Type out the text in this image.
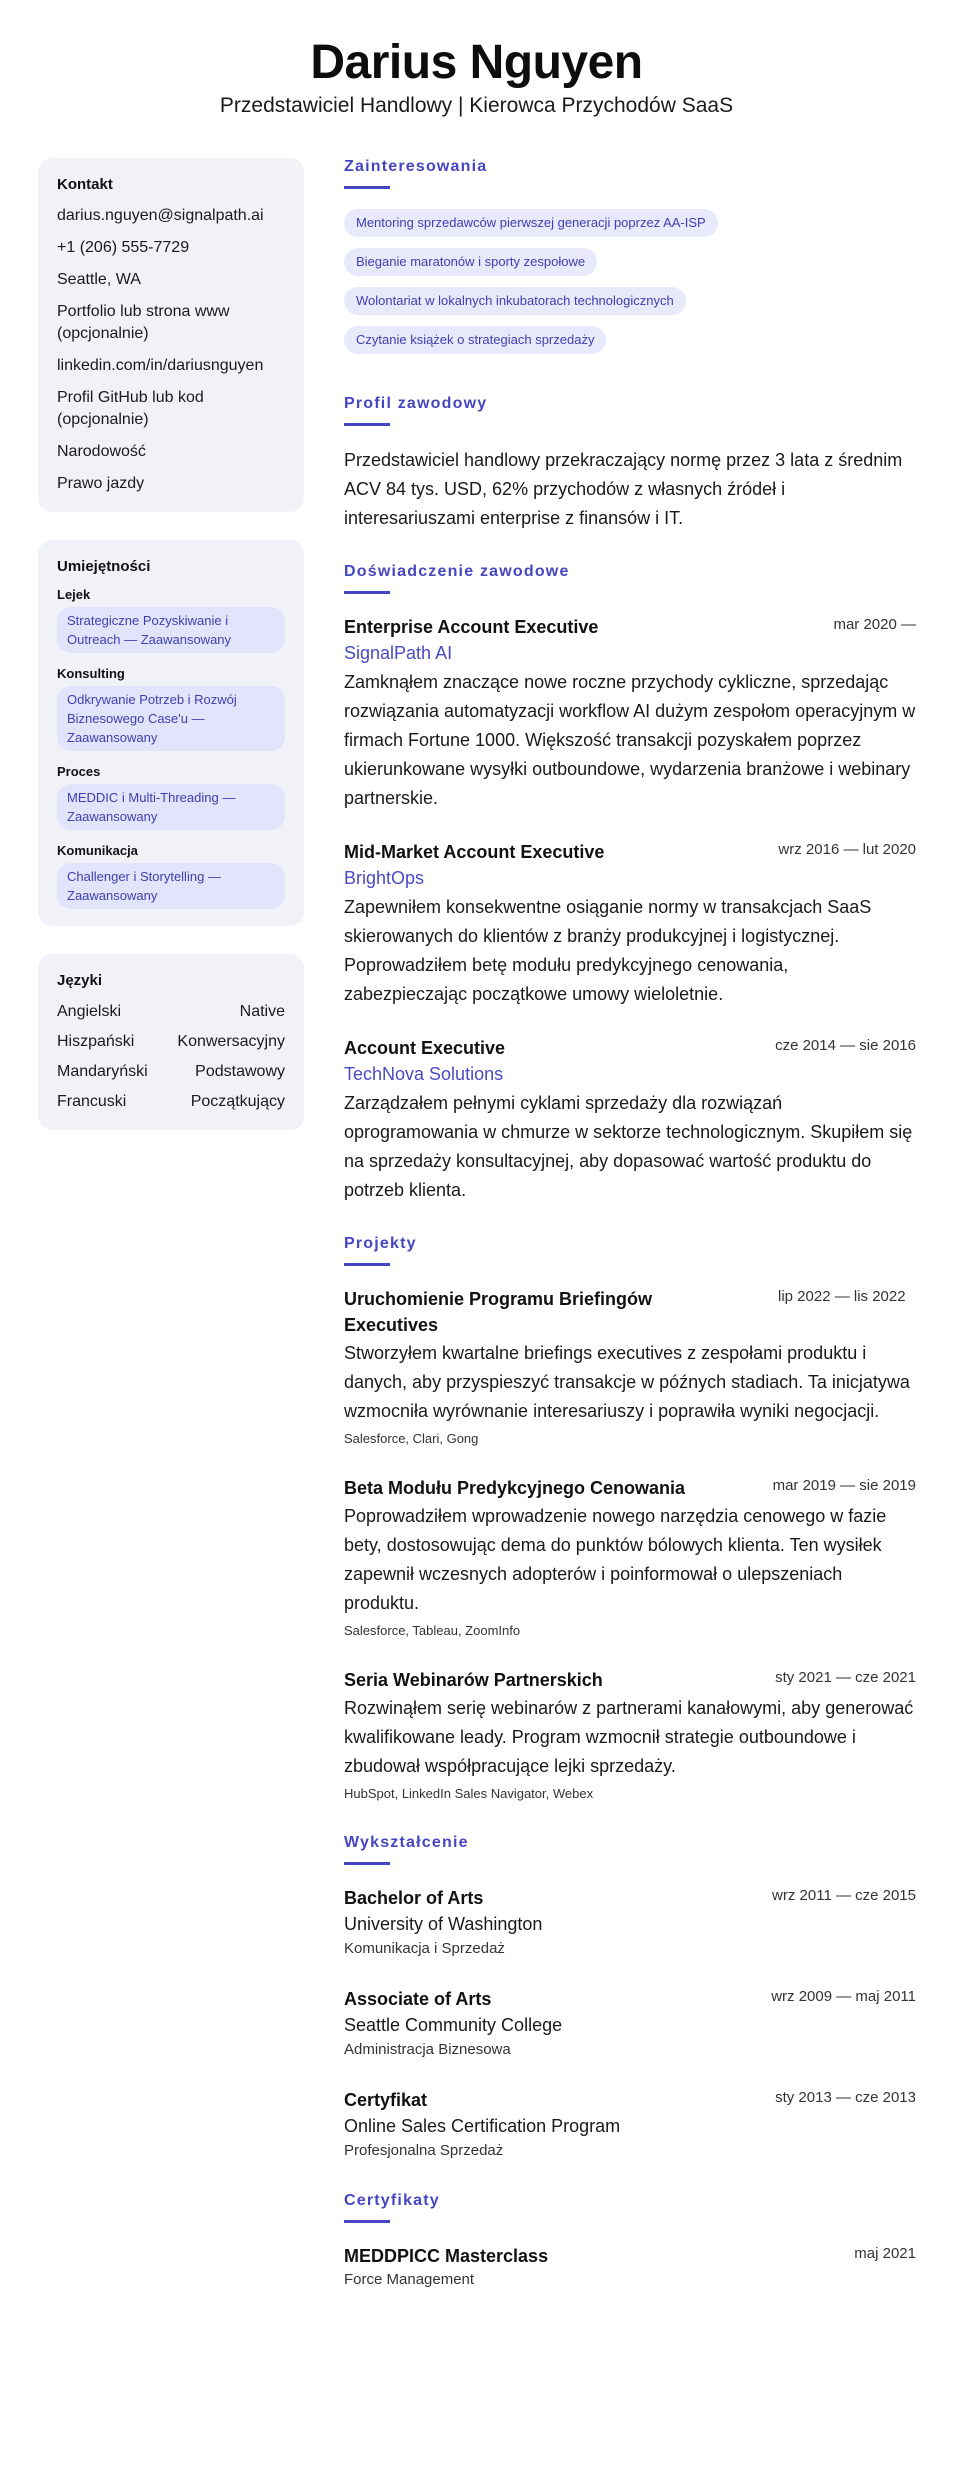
Darius Nguyen
Przedstawiciel Handlowy | Kierowca Przychodów SaaS
Kontakt
darius.nguyen@signalpath.ai
+1 (206) 555-7729
Seattle, WA
Portfolio lub strona www (opcjonalnie)
linkedin.com/in/dariusnguyen
Profil GitHub lub kod (opcjonalnie)
Narodowość
Prawo jazdy
Umiejętności
Lejek
Strategiczne Pozyskiwanie i Outreach — Zaawansowany
Konsulting
Odkrywanie Potrzeb i Rozwój Biznesowego Case'u — Zaawansowany
Proces
MEDDIC i Multi-Threading — Zaawansowany
Komunikacja
Challenger i Storytelling — Zaawansowany
Języki
Angielski	Native
Hiszpański	Konwersacyjny
Mandaryński	Podstawowy
Francuski	Początkujący
Zainteresowania
Mentoring sprzedawców pierwszej generacji poprzez AA-ISP
Bieganie maratonów i sporty zespołowe
Wolontariat w lokalnych inkubatorach technologicznych
Czytanie książek o strategiach sprzedaży
Profil zawodowy
Przedstawiciel handlowy przekraczający normę przez 3 lata z średnim ACV 84 tys. USD, 62% przychodów z własnych źródeł i interesariuszami enterprise z finansów i IT.
Doświadczenie zawodowe
Enterprise Account Executive	mar 2020 —
SignalPath AI
Zamknąłem znaczące nowe roczne przychody cykliczne, sprzedając rozwiązania automatyzacji workflow AI dużym zespołom operacyjnym w firmach Fortune 1000. Większość transakcji pozyskałem poprzez ukierunkowane wysyłki outboundowe, wydarzenia branżowe i webinary partnerskie.
Mid-Market Account Executive	wrz 2016 — lut 2020
BrightOps
Zapewniłem konsekwentne osiąganie normy w transakcjach SaaS skierowanych do klientów z branży produkcyjnej i logistycznej. Poprowadziłem betę modułu predykcyjnego cenowania, zabezpieczając początkowe umowy wieloletnie.
Account Executive	cze 2014 — sie 2016
TechNova Solutions
Zarządzałem pełnymi cyklami sprzedaży dla rozwiązań oprogramowania w chmurze w sektorze technologicznym. Skupiłem się na sprzedaży konsultacyjnej, aby dopasować wartość produktu do potrzeb klienta.
Projekty
Uruchomienie Programu Briefingów Executives
lip 2022 — lis 2022
Stworzyłem kwartalne briefings executives z zespołami produktu i danych, aby przyspieszyć transakcje w późnych stadiach. Ta inicjatywa wzmocniła wyrównanie interesariuszy i poprawiła wyniki negocjacji.
Salesforce, Clari, Gong
Beta Modułu Predykcyjnego Cenowania	mar 2019 — sie 2019
Poprowadziłem wprowadzenie nowego narzędzia cenowego w fazie bety, dostosowując dema do punktów bólowych klienta. Ten wysiłek zapewnił wczesnych adopterów i poinformował o ulepszeniach produktu.
Salesforce, Tableau, ZoomInfo
Seria Webinarów Partnerskich	sty 2021 — cze 2021
Rozwinąłem serię webinarów z partnerami kanałowymi, aby generować kwalifikowane leady. Program wzmocnił strategie outboundowe i zbudował współpracujące lejki sprzedaży.
HubSpot, LinkedIn Sales Navigator, Webex
Wykształcenie
Bachelor of Arts	wrz 2011 — cze 2015
University of Washington
Komunikacja i Sprzedaż
Associate of Arts	wrz 2009 — maj 2011
Seattle Community College
Administracja Biznesowa
Certyfikat	sty 2013 — cze 2013
Online Sales Certification Program
Profesjonalna Sprzedaż
Certyfikaty
MEDDPICC Masterclass	maj 2021
Force Management
